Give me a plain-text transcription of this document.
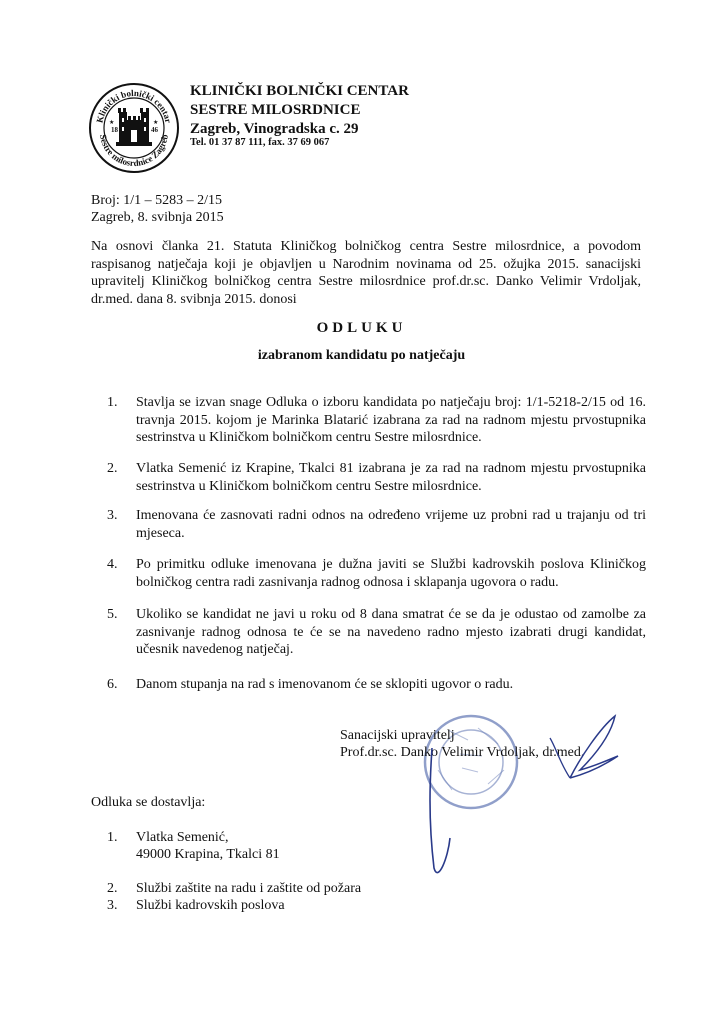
Klinički bolnički centar
Sestre milosrdnice Zagreb
18	46
★	★
KLINIČKI BOLNIČKI CENTAR
SESTRE MILOSRDNICE
Zagreb, Vinogradska c. 29
Tel. 01 37 87 111, fax. 37 69 067
Broj: 1/1 – 5283 – 2/15
Zagreb, 8. svibnja 2015
Na osnovi članka 21. Statuta Kliničkog bolničkog centra Sestre milosrdnice, a povodom raspisanog natječaja koji je objavljen u Narodnim novinama od 25. ožujka 2015. sanacijski upravitelj Kliničkog bolničkog centra Sestre milosrdnice prof.dr.sc. Danko Velimir Vrdoljak, dr.med. dana 8. svibnja 2015. donosi
ODLUKU
izabranom kandidatu po natječaju
1.	Stavlja se izvan snage Odluka o izboru kandidata po natječaju broj: 1/1-5218-2/15 od 16. travnja 2015. kojom je Marinka Blatarić izabrana za rad na radnom mjestu prvostupnika sestrinstva u Kliničkom bolničkom centru Sestre milosrdnice.
2.	Vlatka Semenić iz Krapine, Tkalci 81 izabrana je za rad na radnom mjestu prvostupnika sestrinstva u Kliničkom bolničkom centru Sestre milosrdnice.
3.	Imenovana će zasnovati radni odnos na određeno vrijeme uz probni rad u trajanju od tri mjeseca.
4.	Po primitku odluke imenovana je dužna javiti se Službi kadrovskih poslova Kliničkog bolničkog centra radi zasnivanja radnog odnosa i sklapanja ugovora o radu.
5.	Ukoliko se kandidat ne javi u roku od 8 dana smatrat će se da je odustao od zamolbe za zasnivanje radnog odnosa te će se na navedeno radno mjesto izabrati drugi kandidat, učesnik navedenog natječaj.
6.	Danom stupanja na rad s imenovanom će se sklopiti ugovor o radu.
Sanacijski upravitelj
Prof.dr.sc. Danko Velimir Vrdoljak, dr.med.
Odluka se dostavlja:
1. Vlatka Semenić,
49000 Krapina, Tkalci 81
2. Službi zaštite na radu i zaštite od požara
3. Službi kadrovskih poslova
